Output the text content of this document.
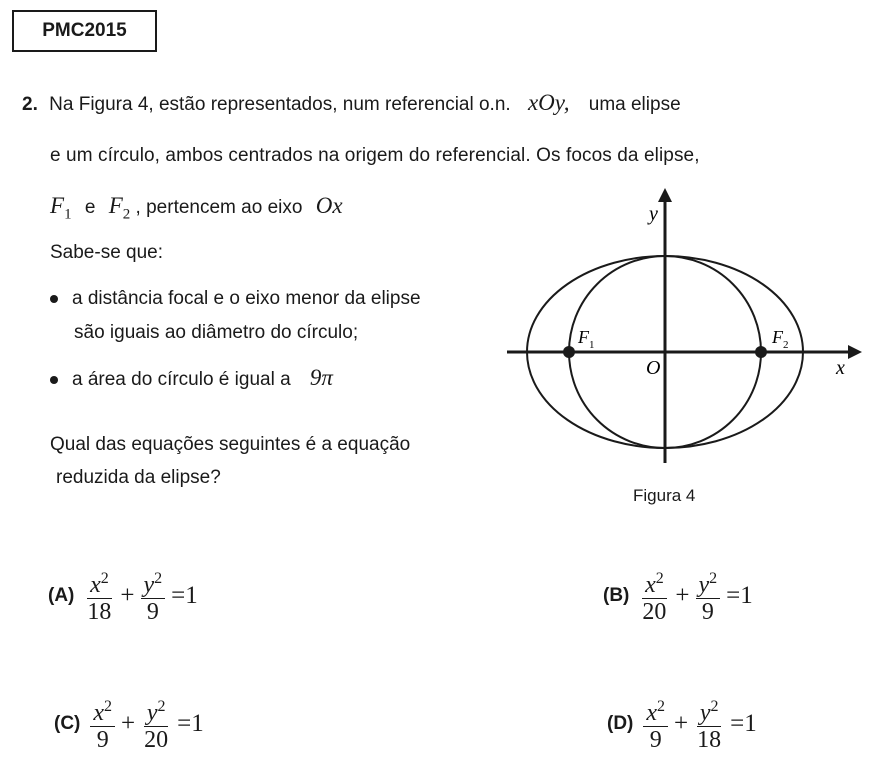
PMC2015
2. Na Figura 4, estão representados, num referencial o.n. xOy, uma elipse
e um círculo, ambos centrados na origem do referencial. Os focos da elipse,
$F_1$ e $F_2$ , pertencem ao eixo Ox
Sabe-se que:
a distância focal e o eixo menor da elipse
são iguais ao diâmetro do círculo;
a área do círculo é igual a 9π
Qual das equações seguintes é a equação
reduzida da elipse?
y
x
O
$F_1$	$F_2$
Figura 4
$(A) \frac{x^2}{18} + \frac{y^2}{9} =1$	$(B) \frac{x^2}{20} + \frac{y^2}{9} =1$
$(C) \frac{x^2}{9} + \frac{y^2}{20} =1$	$(D) \frac{x^2}{9} + \frac{y^2}{18} =1$
